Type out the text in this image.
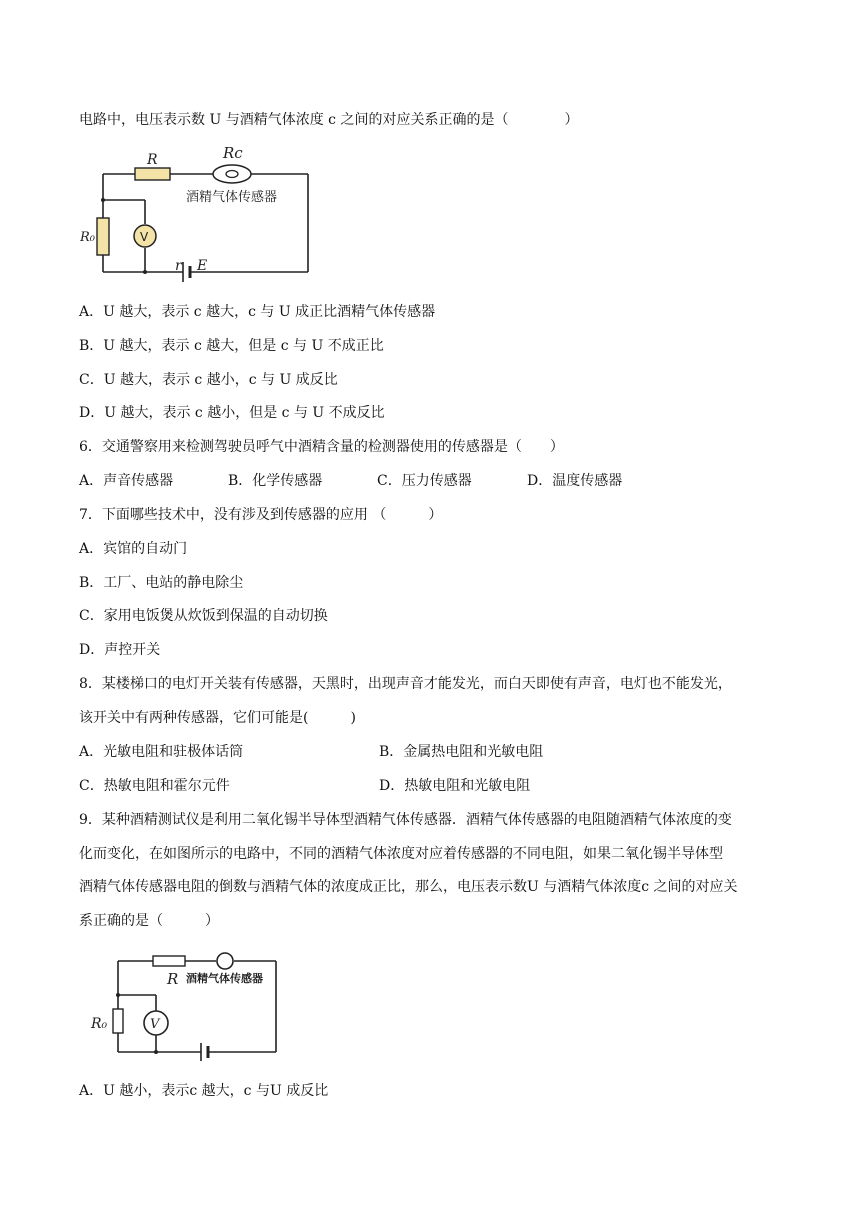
电路中，电压表示数 U 与酒精气体浓度 c 之间的对应关系正确的是（　　　　）
R	Rc
酒精气体传感器
R₀	V
r E
A．U 越大，表示 c 越大，c 与 U 成正比酒精气体传感器
B．U 越大，表示 c 越大，但是 c 与 U 不成正比
C．U 越大，表示 c 越小，c 与 U 成反比
D．U 越大，表示 c 越小，但是 c 与 U 不成反比
6．交通警察用来检测驾驶员呼气中酒精含量的检测器使用的传感器是（　　）
A．声音传感器	B．化学传感器	C．压力传感器	D．温度传感器
7．下面哪些技术中，没有涉及到传感器的应用 （　　　）
A．宾馆的自动门
B．工厂、电站的静电除尘
C．家用电饭煲从炊饭到保温的自动切换
D．声控开关
8．某楼梯口的电灯开关装有传感器，天黑时，出现声音才能发光，而白天即使有声音，电灯也不能发光，
该开关中有两种传感器，它们可能是(　　　)
A．光敏电阻和驻极体话筒	B．金属热电阻和光敏电阻
C．热敏电阻和霍尔元件	D．热敏电阻和光敏电阻
9．某种酒精测试仪是利用二氧化锡半导体型酒精气体传感器．酒精气体传感器的电阻随酒精气体浓度的变
化而变化，在如图所示的电路中，不同的酒精气体浓度对应着传感器的不同电阻，如果二氧化锡半导体型
酒精气体传感器电阻的倒数与酒精气体的浓度成正比，那么，电压表示数U 与酒精气体浓度c 之间的对应关
系正确的是（　　　）
R 酒精气体传感器
R₀	V
A．U 越小，表示c 越大，c 与U 成反比
